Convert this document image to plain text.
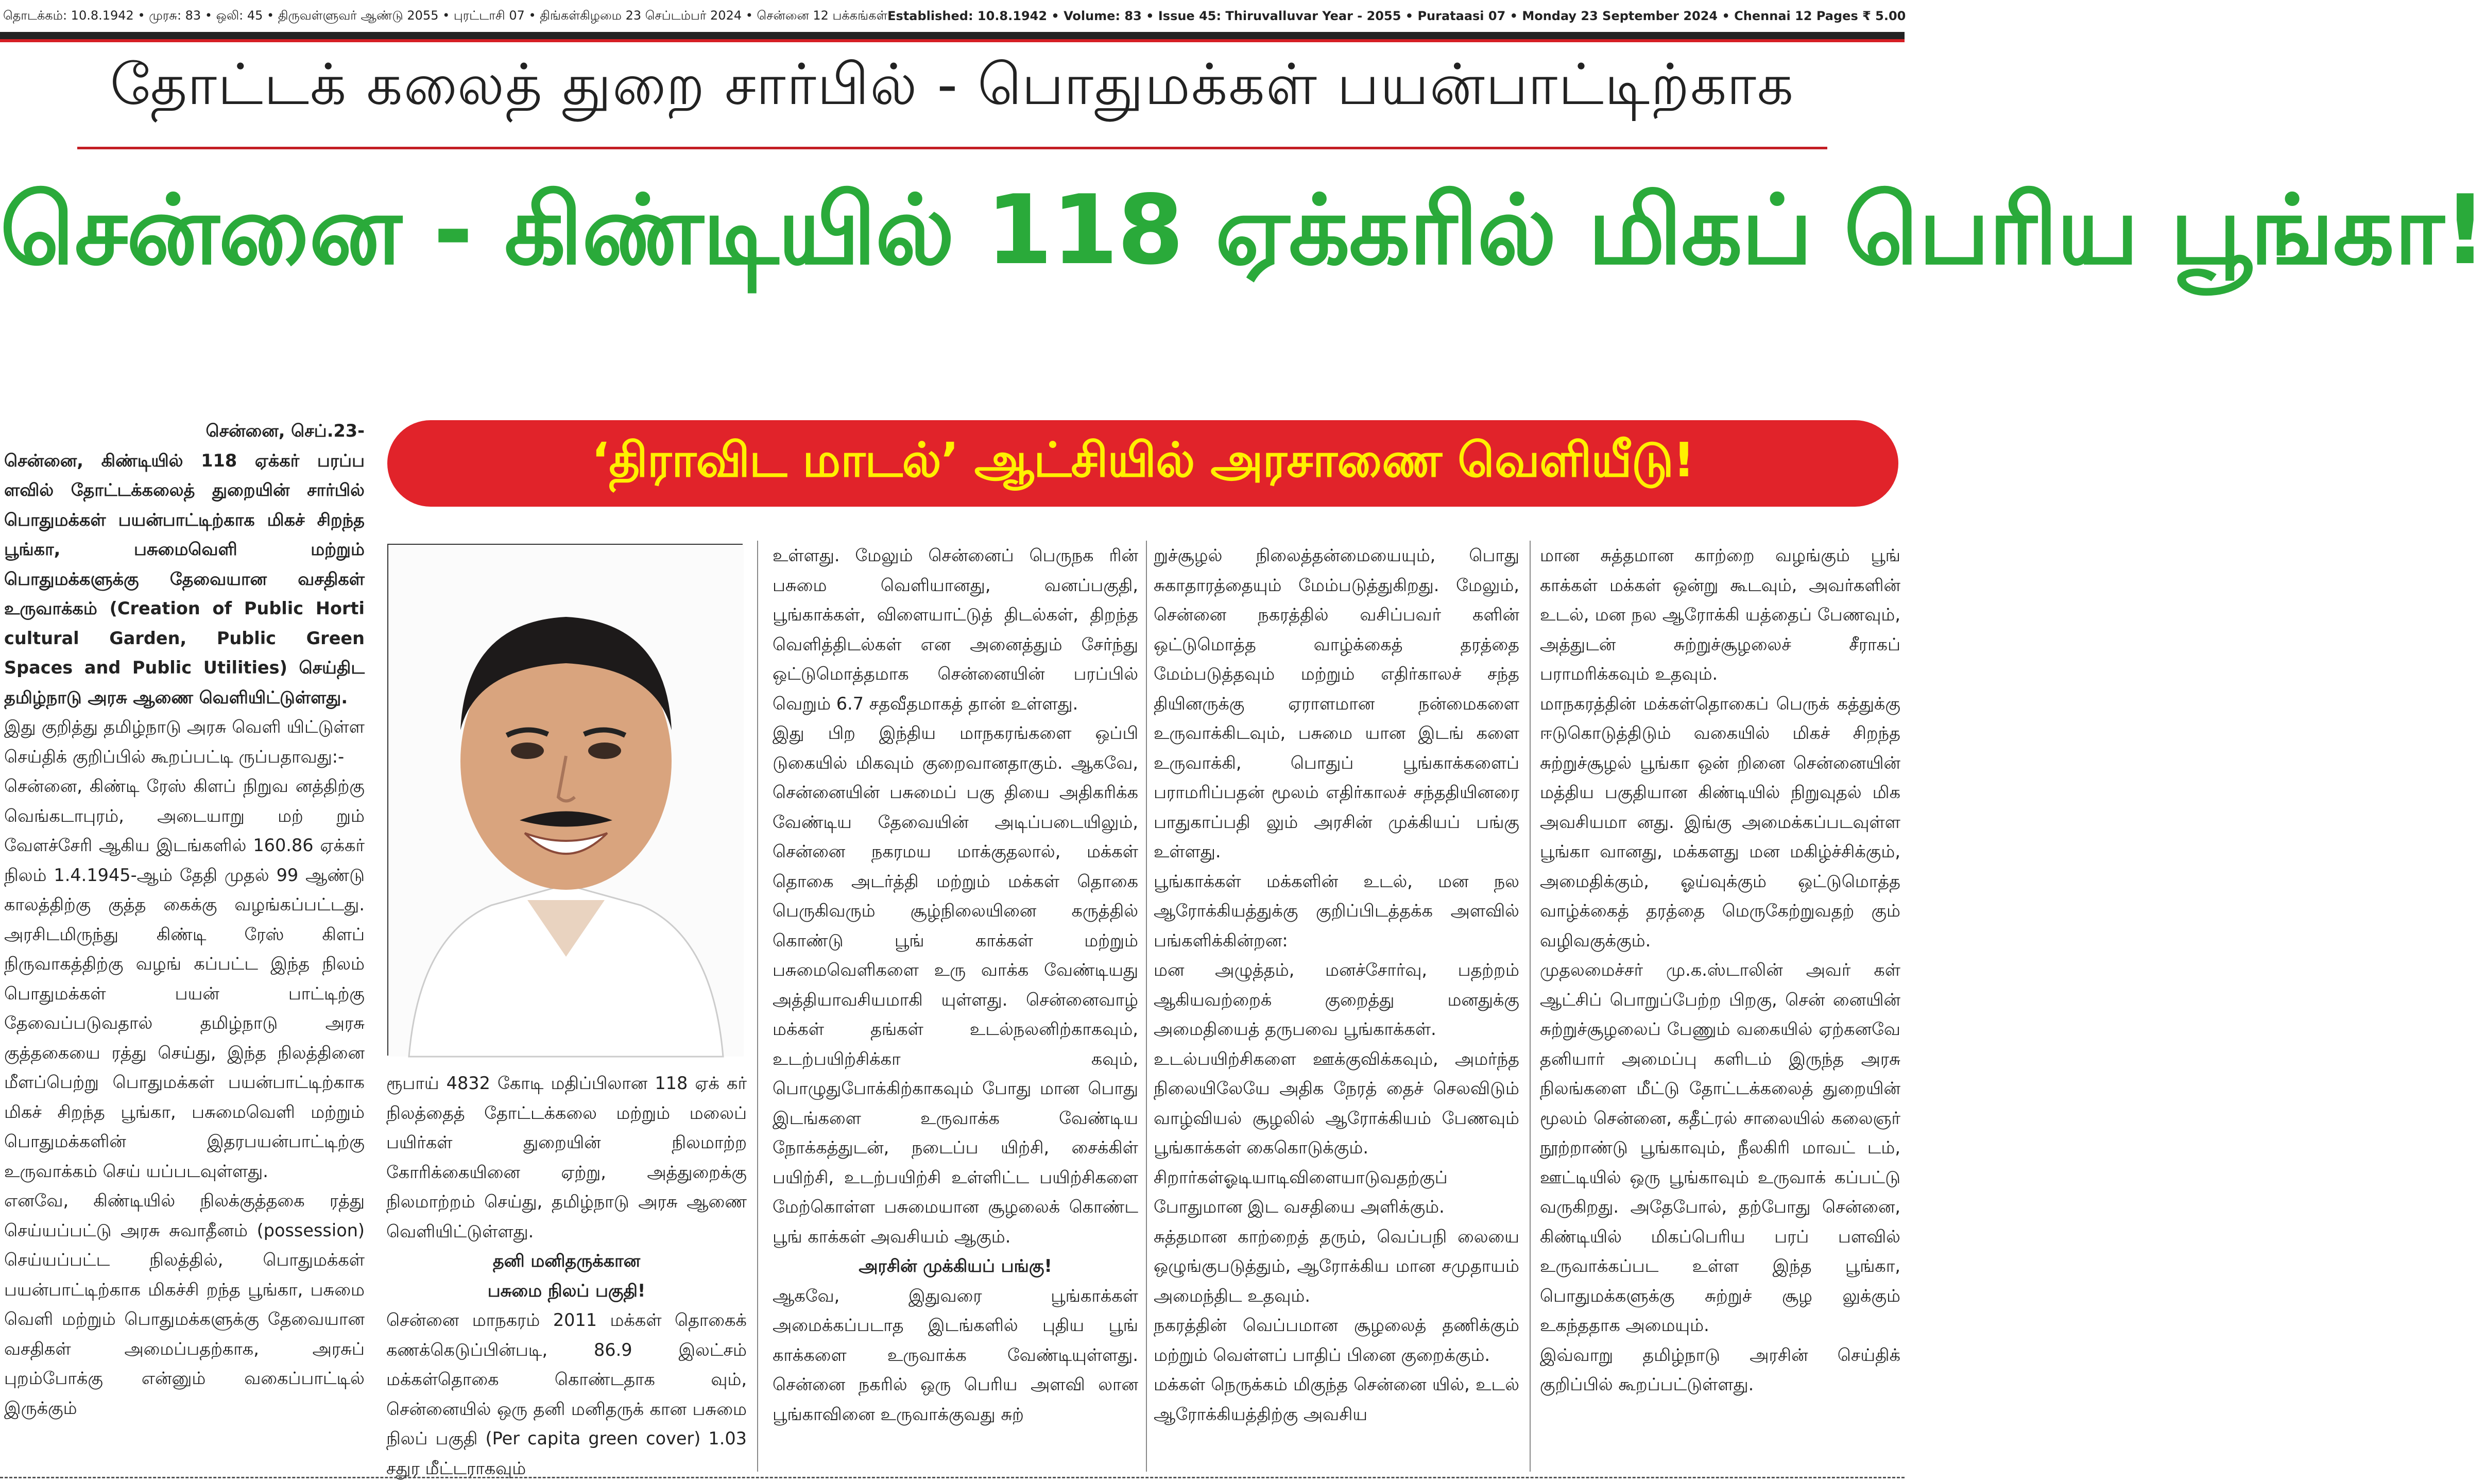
தொடக்கம்: 10.8.1942 • முரசு: 83 • ஒலி: 45 • திருவள்ளுவர் ஆண்டு 2055 • புரட்டாசி 07 • திங்கள்கிழமை 23 செப்டம்பர் 2024 • சென்னை 12 பக்கங்கள் Established: 10.8.1942 • Volume: 83 • Issue 45: Thiruvalluvar Year - 2055 • Purataasi 07 • Monday 23 September 2024 • Chennai 12 Pages ₹ 5.00
தோட்டக் கலைத் துறை சார்பில் - பொதுமக்கள் பயன்பாட்டிற்காக
சென்னை - கிண்டியில் 118 ஏக்கரில் மிகப் பெரிய பூங்கா!
‘திராவிட மாடல்’ ஆட்சியில் அரசாணை வெளியீடு!

சென்னை, செப்.23-

சென்னை, கிண்டியில் 118 ஏக்கர் பரப்ப ளவில் தோட்டக்கலைத் துறையின் சார்பில் பொதுமக்கள் பயன்பாட்டிற்காக மிகச் சிறந்த பூங்கா, பசுமைவெளி மற்றும் பொதுமக்களுக்கு தேவையான வசதிகள் உருவாக்கம் (Creation of Public Horti cultural Garden, Public Green Spaces and Public Utilities) செய்திட தமிழ்நாடு அரசு ஆணை வெளியிட்டுள்ளது.

இது குறித்து தமிழ்நாடு அரசு வெளி யிட்டுள்ள செய்திக் குறிப்பில் கூறப்பட்டி ருப்பதாவது:-

சென்னை, கிண்டி ரேஸ் கிளப் நிறுவ னத்திற்கு வெங்கடாபுரம், அடையாறு மற் றும் வேளச்சேரி ஆகிய இடங்களில் 160.86 ஏக்கர் நிலம் 1.4.1945-ஆம் தேதி முதல் 99 ஆண்டு காலத்திற்கு குத்த கைக்கு வழங்கப்பட்டது. அரசிடமிருந்து கிண்டி ரேஸ் கிளப் நிருவாகத்திற்கு வழங் கப்பட்ட இந்த நிலம் பொதுமக்கள் பயன் பாட்டிற்கு தேவைப்படுவதால் தமிழ்நாடு அரசு குத்தகையை ரத்து செய்து, இந்த நிலத்தினை மீளப்பெற்று பொதுமக்கள் பயன்பாட்டிற்காக மிகச் சிறந்த பூங்கா, பசுமைவெளி மற்றும் பொதுமக்களின் இதரபயன்பாட்டிற்கு உருவாக்கம் செய் யப்படவுள்ளது.

எனவே, கிண்டியில் நிலக்குத்தகை ரத்து செய்யப்பட்டு அரசு சுவாதீனம் (possession) செய்யப்பட்ட நிலத்தில், பொதுமக்கள் பயன்பாட்டிற்காக மிகச்சி றந்த பூங்கா, பசுமை வெளி மற்றும் பொதுமக்களுக்கு தேவையான வசதிகள் அமைப்பதற்காக, அரசுப் புறம்போக்கு என்னும் வகைப்பாட்டில் இருக்கும்

ரூபாய் 4832 கோடி மதிப்பிலான 118 ஏக் கர் நிலத்தைத் தோட்டக்கலை மற்றும் மலைப் பயிர்கள் துறையின் நிலமாற்ற கோரிக்கையினை ஏற்று, அத்துறைக்கு நிலமாற்றம் செய்து, தமிழ்நாடு அரசு ஆணை வெளியிட்டுள்ளது.

தனி மனிதருக்கான

பசுமை நிலப் பகுதி!

சென்னை மாநகரம் 2011 மக்கள் தொகைக் கணக்கெடுப்பின்படி, 86.9 இலட்சம் மக்கள்தொகை கொண்டதாக வும், சென்னையில் ஒரு தனி மனிதருக் கான பசுமை நிலப் பகுதி (Per capita green cover) 1.03 சதுர மீட்டராகவும்

உள்ளது. மேலும் சென்னைப் பெருநக ரின் பசுமை வெளியானது, வனப்பகுதி, பூங்காக்கள், விளையாட்டுத் திடல்கள், திறந்த வெளித்திடல்கள் என அனைத்தும் சேர்ந்து ஒட்டுமொத்தமாக சென்னையின் பரப்பில் வெறும் 6.7 சதவீதமாகத் தான் உள்ளது.

இது பிற இந்திய மாநகரங்களை ஒப்பி டுகையில் மிகவும் குறைவானதாகும். ஆகவே, சென்னையின் பசுமைப் பகு தியை அதிகரிக்க வேண்டிய தேவையின் அடிப்படையிலும், சென்னை நகரமய மாக்குதலால், மக்கள் தொகை அடர்த்தி மற்றும் மக்கள் தொகை பெருகிவரும் சூழ்நிலையினை கருத்தில் கொண்டு பூங் காக்கள் மற்றும் பசுமைவெளிகளை உரு வாக்க வேண்டியது அத்தியாவசியமாகி யுள்ளது. சென்னைவாழ் மக்கள் தங்கள் உடல்நலனிற்காகவும், உடற்பயிற்சிக்கா கவும், பொழுதுபோக்கிற்காகவும் போது மான பொது இடங்களை உருவாக்க வேண்டிய நோக்கத்துடன், நடைப்ப யிற்சி, சைக்கிள் பயிற்சி, உடற்பயிற்சி உள்ளிட்ட பயிற்சிகளை மேற்கொள்ள பசுமையான சூழலைக் கொண்ட பூங் காக்கள் அவசியம் ஆகும்.

அரசின் முக்கியப் பங்கு!

ஆகவே, இதுவரை பூங்காக்கள் அமைக்கப்படாத இடங்களில் புதிய பூங் காக்களை உருவாக்க வேண்டியுள்ளது. சென்னை நகரில் ஒரு பெரிய அளவி லான பூங்காவினை உருவாக்குவது சுற்

றுச்சூழல் நிலைத்தன்மையையும், பொது சுகாதாரத்தையும் மேம்படுத்துகிறது. மேலும், சென்னை நகரத்தில் வசிப்பவர் களின் ஒட்டுமொத்த வாழ்க்கைத் தரத்தை மேம்படுத்தவும் மற்றும் எதிர்காலச் சந்த தியினருக்கு ஏராளமான நன்மைகளை உருவாக்கிடவும், பசுமை யான இடங் களை உருவாக்கி, பொதுப் பூங்காக்களைப் பராமரிப்பதன் மூலம் எதிர்காலச் சந்ததியினரை பாதுகாப்பதி லும் அரசின் முக்கியப் பங்கு உள்ளது.

பூங்காக்கள் மக்களின் உடல், மன நல ஆரோக்கியத்துக்கு குறிப்பிடத்தக்க அளவில் பங்களிக்கின்றன:

மன அழுத்தம், மனச்சோர்வு, பதற்றம் ஆகியவற்றைக் குறைத்து மனதுக்கு அமைதியைத் தருபவை பூங்காக்கள்.

உடல்பயிற்சிகளை ஊக்குவிக்கவும், அமர்ந்த நிலையிலேயே அதிக நேரத் தைச் செலவிடும் வாழ்வியல் சூழலில் ஆரோக்கியம் பேணவும் பூங்காக்கள் கைகொடுக்கும்.

சிறார்கள்ஓடியாடிவிளையாடுவதற்குப் போதுமான இட வசதியை அளிக்கும்.

சுத்தமான காற்றைத் தரும், வெப்பநி லையை ஒழுங்குபடுத்தும், ஆரோக்கிய மான சமுதாயம் அமைந்திட உதவும்.

நகரத்தின் வெப்பமான சூழலைத் தணிக்கும் மற்றும் வெள்ளப் பாதிப் பினை குறைக்கும்.

மக்கள் நெருக்கம் மிகுந்த சென்னை யில், உடல் ஆரோக்கியத்திற்கு அவசிய

மான சுத்தமான காற்றை வழங்கும் பூங் காக்கள் மக்கள் ஒன்று கூடவும், அவர்களின் உடல், மன நல ஆரோக்கி யத்தைப் பேணவும், அத்துடன் சுற்றுச்சூழலைச் சீராகப் பராமரிக்கவும் உதவும்.

மாநகரத்தின் மக்கள்தொகைப் பெருக் கத்துக்கு ஈடுகொடுத்திடும் வகையில் மிகச் சிறந்த சுற்றுச்சூழல் பூங்கா ஒன் றினை சென்னையின் மத்திய பகுதியான கிண்டியில் நிறுவுதல் மிக அவசியமா னது. இங்கு அமைக்கப்படவுள்ள பூங்கா வானது, மக்களது மன மகிழ்ச்சிக்கும், அமைதிக்கும், ஓய்வுக்கும் ஒட்டுமொத்த வாழ்க்கைத் தரத்தை மெருகேற்றுவதற் கும் வழிவகுக்கும்.

முதலமைச்சர் மு.க.ஸ்டாலின் அவர் கள் ஆட்சிப் பொறுப்பேற்ற பிறகு, சென் னையின் சுற்றுச்சூழலைப் பேணும் வகையில் ஏற்கனவே தனியார் அமைப்பு களிடம் இருந்த அரசு நிலங்களை மீட்டு தோட்டக்கலைத் துறையின் மூலம் சென்னை, கதீட்ரல் சாலையில் கலைஞர் நூற்றாண்டு பூங்காவும், நீலகிரி மாவட் டம், ஊட்டியில் ஒரு பூங்காவும் உருவாக் கப்பட்டு வருகிறது. அதேபோல், தற்போது சென்னை, கிண்டியில் மிகப்பெரிய பரப் பளவில் உருவாக்கப்பட உள்ள இந்த பூங்கா, பொதுமக்களுக்கு சுற்றுச் சூழ லுக்கும் உகந்ததாக அமையும்.

இவ்வாறு தமிழ்நாடு அரசின் செய்திக் குறிப்பில் கூறப்பட்டுள்ளது.
